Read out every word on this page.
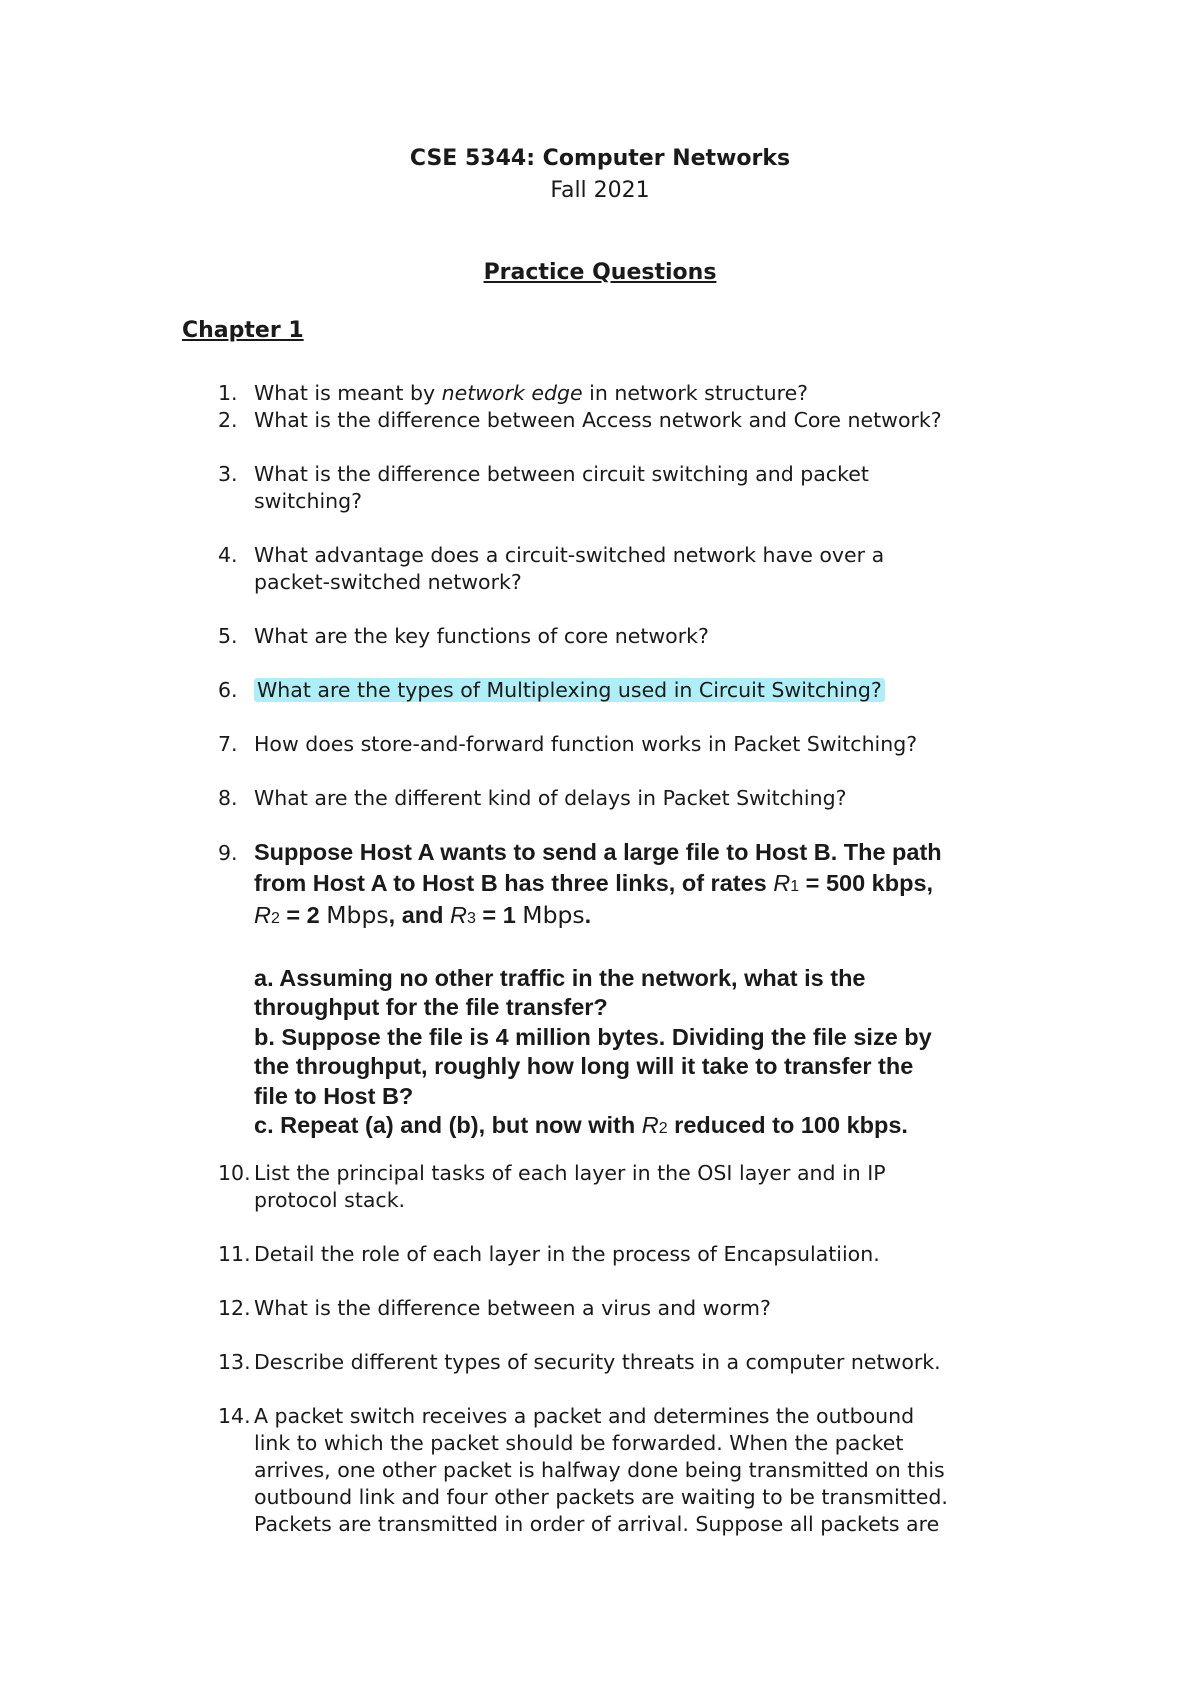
CSE 5344: Computer Networks
Fall 2021
Practice Questions
Chapter 1
1. What is meant by network edge in network structure?
2. What is the difference between Access network and Core network?
3. What is the difference between circuit switching and packet
switching?
4. What advantage does a circuit-switched network have over a
packet-switched network?
5. What are the key functions of core network?
6. What are the types of Multiplexing used in Circuit Switching?
7. How does store-and-forward function works in Packet Switching?
8. What are the different kind of delays in Packet Switching?
9. Suppose Host A wants to send a large file to Host B. The path
from Host A to Host B has three links, of rates R1 = 500 kbps,
R2 = 2 Mbps, and R3 = 1 Mbps.
a. Assuming no other traffic in the network, what is the
throughput for the file transfer?
b. Suppose the file is 4 million bytes. Dividing the file size by
the throughput, roughly how long will it take to transfer the
file to Host B?
c. Repeat (a) and (b), but now with R2 reduced to 100 kbps.
10. List the principal tasks of each layer in the OSI layer and in IP
protocol stack.
11. Detail the role of each layer in the process of Encapsulatiion.
12. What is the difference between a virus and worm?
13. Describe different types of security threats in a computer network.
14. A packet switch receives a packet and determines the outbound
link to which the packet should be forwarded. When the packet
arrives, one other packet is halfway done being transmitted on this
outbound link and four other packets are waiting to be transmitted.
Packets are transmitted in order of arrival. Suppose all packets are
